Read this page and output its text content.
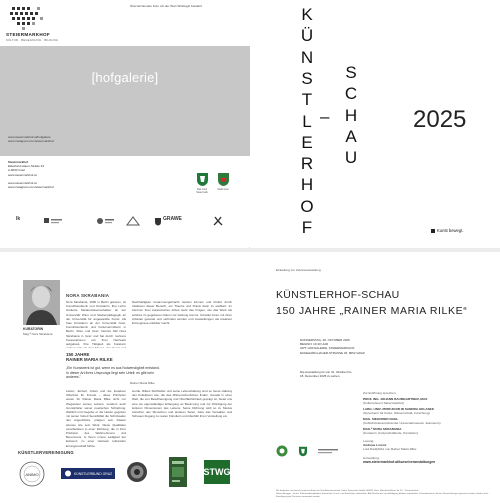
STEIERMARKHOF
KULTUR · BEGEGNUNG · BILDUNG
Überreichendes Foto mit der Wort Wirklugel bewahrt
www.steiermarkhof.at/hofgalerie
www.instagram.com/steiermarkhof
[hofgalerie]
Steiermarkhof
Ekkehard-Hauer-Straße 33
A-8020 Graz
www.steiermarkhof.at
www.steiermarkhof.at
www.instagram.com/steiermarkhof
Das Land Steiermark
Stadt Graz
lk	GRAWE
K
Ü
N
S
T
L
E
R
H
O
F
–
S
C
H
A
U
2025
Kunst bewegt.
KURATORIN
Mag.ª Nora Skrabania
NORA SKRABANIA
Nora Skrabania, 1990 in Berlin geboren, ist Kunsthistorikerin und Künstlerin. Ihre Lehre studierte Medienwissenschaften an der Universität Wien und Medienpädagogik an der Universität für angewandte Kunst. Als freie Künstlerin an der Universität Graz, Kunsthistorikerin und Kulturvermittlerin in Berlin, Wien und Graz. Derzeit hält Nora Skrabania in Graz und hat durch mehrere Kooperationen von Ihrer Netzwerk aufgebaut. Ihre Tätigkeit als Kuratorin
Nachhaltigkeit zusammengebracht werden können und fördert durch Initiativen dieser Bereich, ein Theorie und Praxis dann zu etabliert. Im Zentrum ihrer kuratorischen Arbeit steht das Fragen, wie das Werk als solches im gegebenen Raum zur Geltung kommt. Künstler:innen mit ihren Arbeiten gezeitet und verbindet werden und Ausstellungen als kreativer Erzeugnisse erlebbar macht.
150 JAHRE
RAINER MARIA RILKE
„Ein Kunstwerk ist gut, wenn es aus Notwendigkeit entstand. In dieser Art ihres Ursprungs liegt sein Urteil: es gibt kein anderes."
Rainer Maria Rilke
Leben, Einheit, Arbeit und die kreativen Offenheit für Freude – diese Prinzipien waren für Rainer Maria Rilke nicht nur Wegweiser seines Lebens, sondern auch Grundpfeiler seiner poetischen Schöpfung. Weltlich und Gegebe er die Hektor gegeben mit seiner hoheit Sensibilität die Schicksalen des Augenblicks, prägten sein Dasein ebenso wie sein Werk. Diese Qualitäten verarbeiteten in einer Dichtung, die in ihrer Präzision des Wahrnehmens und Benennens, in ihrem innere Ladigkeit der Existenz, zu einer zeitlosen kulturellen Errungenschaft führte.
wurde. Rilkes Sichtfelder und seine Lebenshaltung sind so heute Haltung des Kollektiven wie, die das Mitmenschenlichen finden. Gerade in einer Welt, die von Beschleunigung und Oberflächlichkeit geprägt ist, bietet uns eine ein eigenständiger Erlangung an Besinnung und zur Würdigung der kulturen Dimensionen des Lebens. Seine Dichtung wird so zu Modus zwischen den Menschen und anderen Seien, dass das Verwalten und Schauen Zugang zu realen Künstlern und überlöbt ihren Vorstellung ein.
KÜNSTLERVEREINIGUNG
ANIMO	KÜNSTLERBUND GRAZ	STWG
Einladung zur Jahresausstellung
KÜNSTLERHOF-SCHAU
150 JAHRE „RAINER MARIA RILKE“
DONNERSTAG, 30. OKTOBER 2025
BEGINN: 19.30 UHR
ORT: HOFGALERIE, STEIERMARKHOF
EKKEHARD-HAUER-STRASSE 33, 8052 GRAZ
Die Ausstellung ist von 31. Oktober bis
18. Dezember 2025 zu sehen.
Zur Eröffnung sprechen:
PROF. ING. JOHANN BAUMGARTNER, MAS
(Kulturreferent Steiermarkhof)
LABG. UNIV.-PROF.IN DR.IN SANDRA HOLASEK
(Sprecherin für Kultur, Wissenschaft, Forschung)
MAG. SIEGFRIED NAGL
(Aufsichtsratsvorsitzender Universalmuseum Joanneum)
MAG.ª NORA SKRABANIA
(Kuratorin, Kulturschaffende, Künstlerin)
Lesung:
Andreas Lorenz
Lord Dadlyfishs von Rainer Maria Rilke
Anmeldung:
www.steiermarkhof.at/kurse/veranstaltungen
Wir bedanken uns bereits heute bei Ihnen für Ihre Aufmerksamkeit, Kultur Steiermark GmbH, A-8052 Graz, Ekkehard-Hauer-Str 33 · Verantwortlich:
Hubert Brugger · Druck: Kulturmedienplattform Steiermark. Druck- und Satzfehler vorbehalten. Alle Rechte der Vervielfältigung bleiben vorbehalten. Fotoaufnahmen, die bei Veranstaltungen gemacht werden, dürfen ohne Einwilligung der Personen verwendet werden.
